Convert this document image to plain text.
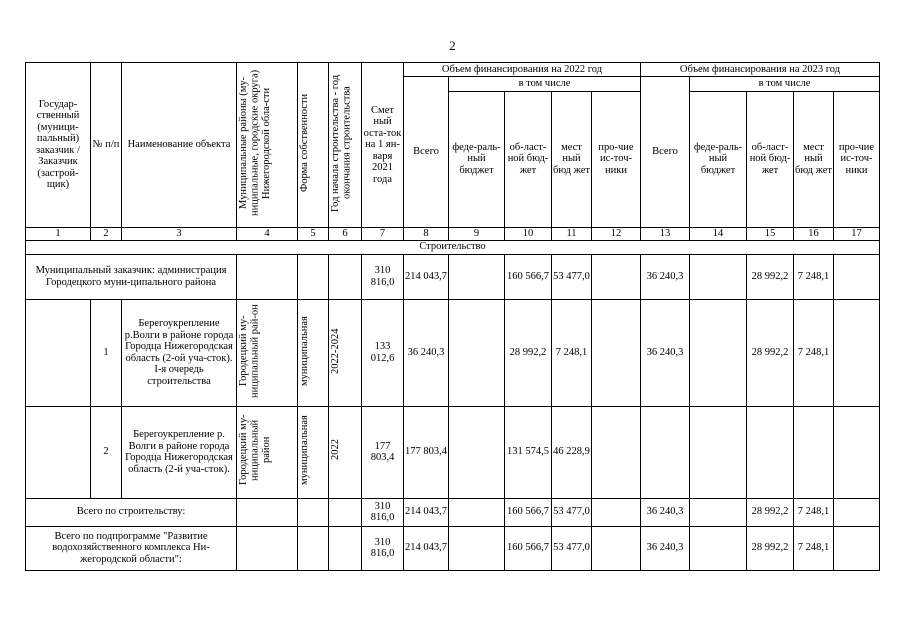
2
Государ-ственный (муници-пальный) заказчик / Заказчик (застрой-щик)	№ п/п	Наименование объекта	Муниципальные районы (му-ниципальные, городские округа) Нижегородской обла-сти	Форма собственности	Год начала строительства - год окончания строительства	Смет ный оста-ток на 1 ян-варя 2021 года	Объем финансирования на 2022 год					Объем финансирования на 2023 год				
							Всего	в том числе				Всего	в том числе			
								феде-раль-ный бюджет	об-ласт-ной бюд-жет	мест ный бюд жет	про-чие ис-точ-ники		феде-раль-ный бюджет	об-ласт-ной бюд-жет	мест ный бюд жет	про-чие ис-точ-ники
1	2	3	4	5	6	7	8	9	10	11	12	13	14	15	16	17
Строительство																
Муниципальный заказчик: администрация Городецкого муни-ципального района						310 816,0	214 043,7		160 566,7	53 477,0		36 240,3		28 992,2	7 248,1	
	1	Берегоукрепление р.Волги в районе города Городца Нижегородская область (2-ой уча-сток). I-я очередь строительства	Городецкий му-ниципальный рай-он	муниципальная	2022-2024	133 012,6	36 240,3		28 992,2	7 248,1		36 240,3		28 992,2	7 248,1	
	2	Берегоукрепление р. Волги в районе города Городца Нижегородская область (2-й уча-сток).	Городецкий му-ниципальный район	муниципальная	2022	177 803,4	177 803,4		131 574,5	46 228,9						
Всего по строительству:						310 816,0	214 043,7		160 566,7	53 477,0		36 240,3		28 992,2	7 248,1	
Всего по подпрограмме "Развитие водохозяйственного комплекса Ни-жегородской области":						310 816,0	214 043,7		160 566,7	53 477,0		36 240,3		28 992,2	7 248,1	
